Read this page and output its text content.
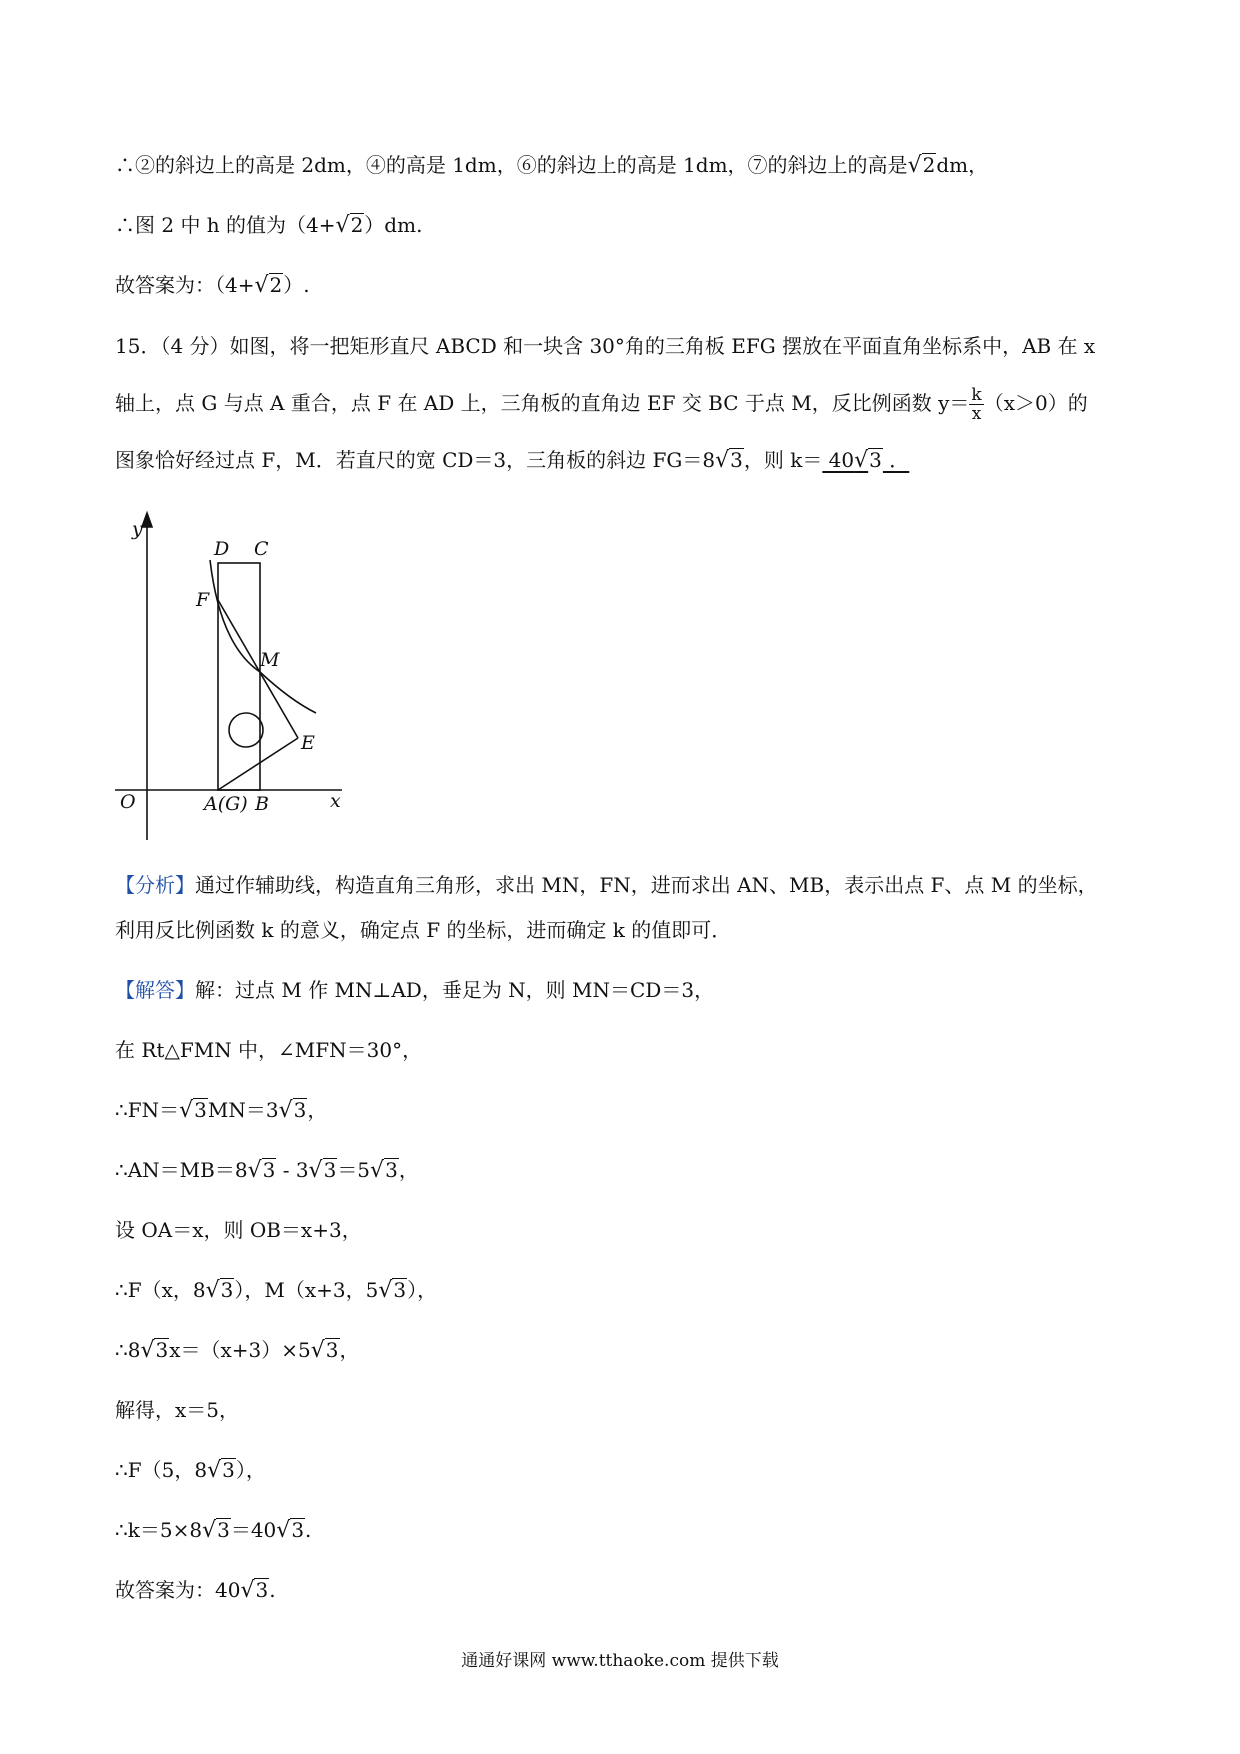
∴②的斜边上的高是 2dm，④的高是 1dm，⑥的斜边上的高是 1dm，⑦的斜边上的高是√2dm，
∴图 2 中 h 的值为（4+√2）dm.
故答案为：（4+√2）.
15．（4 分）如图，将一把矩形直尺 ABCD 和一块含 30°角的三角板 EFG 摆放在平面直角坐标系中，AB 在 x
轴上，点 G 与点 A 重合，点 F 在 AD 上，三角板的直角边 EF 交 BC 于点 M，反比例函数 $y= \frac{k}{x} (x>0)$的
图象恰好经过点 F，M．若直尺的宽 CD＝3，三角板的斜边 FG＝8√3，则 k＝ 40√3 ．
y
x
O
D C
F
M
E
A(G) B
【分析】通过作辅助线，构造直角三角形，求出 MN，FN，进而求出 AN、MB，表示出点 F、点 M 的坐标，
利用反比例函数 k 的意义，确定点 F 的坐标，进而确定 k 的值即可．
【解答】解：过点 M 作 MN⊥AD，垂足为 N，则 MN＝CD＝3，
在 Rt△FMN 中，∠MFN＝30°，
∴FN＝√3MN＝3√3，
∴AN＝MB＝8√3 - 3√3＝5√3，
设 OA＝x，则 OB＝x+3，
∴F（x，8√3），M（x+3，5√3），
∴8√3x＝（x+3）×5√3，
解得，x＝5，
∴F（5，8√3），
∴k＝5×8√3＝40√3.
故答案为：40√3.
通通好课网 www.tthaoke.com 提供下载
